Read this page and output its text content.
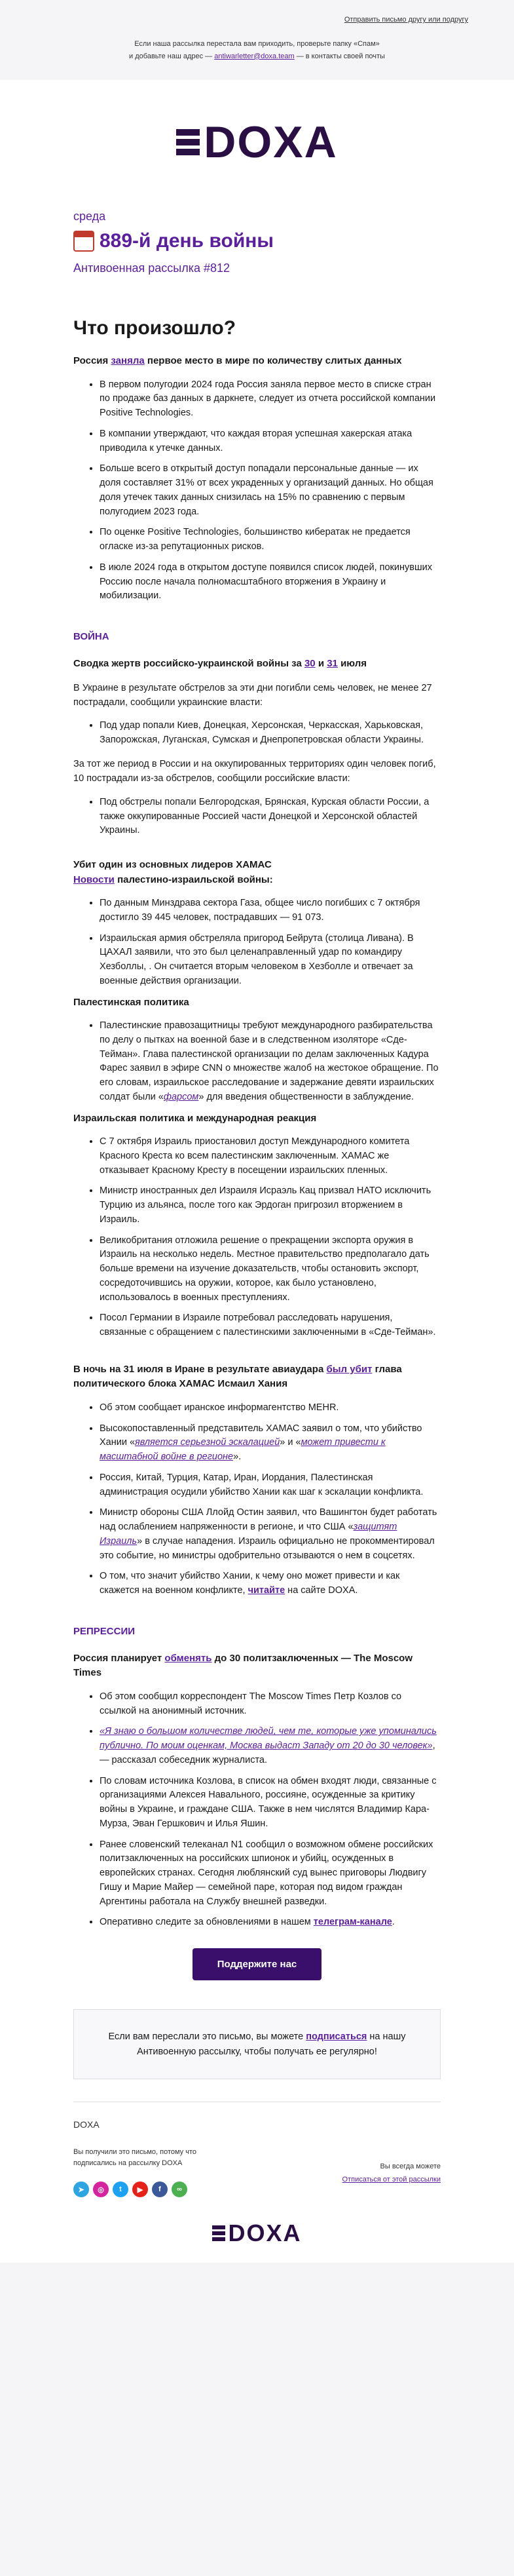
Отправить письмо другу или подругу
Если наша рассылка перестала вам приходить, проверьте папку «Спам»
и добавьте наш адрес — antiwarletter@doxa.team — в контакты своей почты
DOXA
среда
889-й день войны
Антивоенная рассылка #812
Что произошло?
Россия заняла первое место в мире по количеству слитых данных
• В первом полугодии 2024 года Россия заняла первое место в списке стран по продаже баз данных в даркнете, следует из отчета российской компании Positive Technologies.
• В компании утверждают, что каждая вторая успешная хакерская атака приводила к утечке данных.
• Больше всего в открытый доступ попадали персональные данные — их доля составляет 31% от всех украденных у организаций данных. Но общая доля утечек таких данных снизилась на 15% по сравнению с первым полугодием 2023 года.
• По оценке Positive Technologies, большинство кибератак не предается огласке из-за репутационных рисков.
• В июле 2024 года в открытом доступе появился список людей, покинувших Россию после начала полномасштабного вторжения в Украину и мобилизации.
ВОЙНА
Сводка жертв российско-украинской войны за 30 и 31 июля
В Украине в результате обстрелов за эти дни погибли семь человек, не менее 27 пострадали, сообщили украинские власти:
• Под удар попали Киев, Донецкая, Херсонская, Черкасская, Харьковская, Запорожская, Луганская, Сумская и Днепропетровская области Украины.
За тот же период в России и на оккупированных территориях один человек погиб, 10 пострадали из-за обстрелов, сообщили российские власти:
• Под обстрелы попали Белгородская, Брянская, Курская области России, а также оккупированные Россией части Донецкой и Херсонской областей Украины.
Убит один из основных лидеров ХАМАС
Новости палестино-израильской войны:
• По данным Минздрава сектора Газа, общее число погибших с 7 октября достигло 39 445 человек, пострадавших — 91 073.
• Израильская армия обстреляла пригород Бейрута (столица Ливана). В ЦАХАЛ заявили, что это был целенаправленный удар по командиру Хезболлы, . Он считается вторым человеком в Хезболле и отвечает за военные действия организации.
Палестинская политика
• Палестинские правозащитницы требуют международного разбирательства по делу о пытках на военной базе и в следственном изоляторе «Сде-Тейман». Глава палестинской организации по делам заключенных Кадура Фарес заявил в эфире CNN о множестве жалоб на жестокое обращение. По его словам, израильское расследование и задержание девяти израильских солдат были «фарсом» для введения общественности в заблуждение.
Израильская политика и международная реакция
• С 7 октября Израиль приостановил доступ Международного комитета Красного Креста ко всем палестинским заключенным. ХАМАС же отказывает Красному Кресту в посещении израильских пленных.
• Министр иностранных дел Израиля Исраэль Кац призвал НАТО исключить Турцию из альянса, после того как Эрдоган пригрозил вторжением в Израиль.
• Великобритания отложила решение о прекращении экспорта оружия в Израиль на несколько недель. Местное правительство предполагало дать больше времени на изучение доказательств, чтобы остановить экспорт, сосредоточившись на оружии, которое, как было установлено, использовалось в военных преступлениях.
• Посол Германии в Израиле потребовал расследовать нарушения, связанные с обращением с палестинскими заключенными в «Сде-Тейман».
В ночь на 31 июля в Иране в результате авиаудара был убит глава политического блока ХАМАС Исмаил Хания
• Об этом сообщает иранское информагентство MEHR.
• Высокопоставленный представитель ХАМАС заявил о том, что убийство Хании «является серьезной эскалацией» и «может привести к масштабной войне в регионе».
• Россия, Китай, Турция, Катар, Иран, Иордания, Палестинская администрация осудили убийство Хании как шаг к эскалации конфликта.
• Министр обороны США Ллойд Остин заявил, что Вашингтон будет работать над ослаблением напряженности в регионе, и что США «защитят Израиль» в случае нападения. Израиль официально не прокомментировал это событие, но министры одобрительно отзываются о нем в соцсетях.
• О том, что значит убийство Хании, к чему оно может привести и как скажется на военном конфликте, читайте на сайте DOXA.
РЕПРЕССИИ
Россия планирует обменять до 30 политзаключенных — The Moscow Times
• Об этом сообщил корреспондент The Moscow Times Петр Козлов со ссылкой на анонимный источник.
• «Я знаю о большом количестве людей, чем те, которые уже упоминались публично. По моим оценкам, Москва выдаст Западу от 20 до 30 человек», — рассказал собеседник журналиста.
• По словам источника Козлова, в список на обмен входят люди, связанные с организациями Алексея Навального, россияне, осужденные за критику войны в Украине, и граждане США. Также в нем числятся Владимир Кара-Мурза, Эван Гершкович и Илья Яшин.
• Ранее словенский телеканал N1 сообщил о возможном обмене российских политзаключенных на российских шпионок и убийц, осужденных в европейских странах. Сегодня люблянский суд вынес приговоры Людвигу Гишу и Марие Майер — семейной паре, которая под видом граждан Аргентины работала на Службу внешней разведки.
• Оперативно следите за обновлениями в нашем телеграм-канале.
Поддержите нас
Если вам переслали это письмо, вы можете подписаться на нашу Антивоенную рассылку, чтобы получать ее регулярно!
DOXA
Вы получили это письмо, потому что подписались на рассылку DOXA
➤	◎	t	▶	f	∞
Вы всегда можете
Отписаться от этой рассылки
DOXA
